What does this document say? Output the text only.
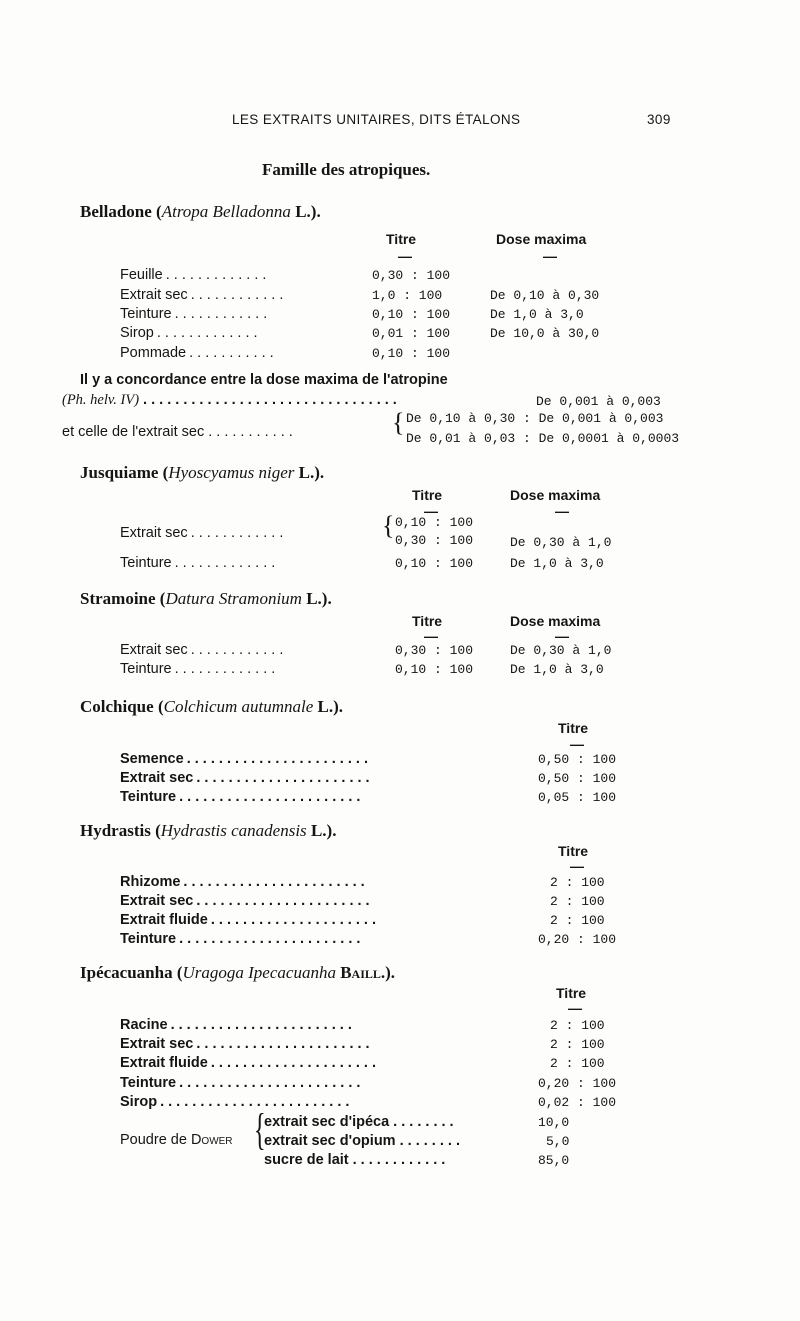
LES EXTRAITS UNITAIRES, DITS ÉTALONS	309
Famille des atropiques.
Belladone (Atropa Belladonna L.).
Titre	Dose maxima
—	—
Feuille . . . . . . . . . . . . .	0,30 : 100
Extrait sec . . . . . . . . . . . .	1,0 : 100	De 0,10 à 0,30
Teinture . . . . . . . . . . . .	0,10 : 100	De 1,0 à 3,0
Sirop . . . . . . . . . . . . .	0,01 : 100	De 10,0 à 30,0
Pommade . . . . . . . . . . .	0,10 : 100
Il y a concordance entre la dose maxima de l'atropine
(Ph. helv. IV) . . . . . . . . . . . . . . . . . . . . . . . . . . . . . . . .	De 0,001 à 0,003
et celle de l'extrait sec . . . . . . . . . . .	{ De 0,10 à 0,30 : De 0,001 à 0,003
De 0,01 à 0,03 : De 0,0001 à 0,0003
Jusquiame (Hyoscyamus niger L.).
Titre	Dose maxima
—	—
Extrait sec . . . . . . . . . . . .	{ 0,10 : 100
0,30 : 100	De 0,30 à 1,0
Teinture . . . . . . . . . . . . .	0,10 : 100	De 1,0 à 3,0
Stramoine (Datura Stramonium L.).
Titre	Dose maxima
—	—
Extrait sec . . . . . . . . . . . .	0,30 : 100	De 0,30 à 1,0
Teinture . . . . . . . . . . . . .	0,10 : 100	De 1,0 à 3,0
Colchique (Colchicum autumnale L.).
Titre
—
Semence . . . . . . . . . . . . . . . . . . . . . . .	0,50 : 100
Extrait sec . . . . . . . . . . . . . . . . . . . . . .	0,50 : 100
Teinture . . . . . . . . . . . . . . . . . . . . . . .	0,05 : 100
Hydrastis (Hydrastis canadensis L.).
Titre
—
Rhizome . . . . . . . . . . . . . . . . . . . . . . .	2 : 100
Extrait sec . . . . . . . . . . . . . . . . . . . . . .	2 : 100
Extrait fluide . . . . . . . . . . . . . . . . . . . . .	2 : 100
Teinture . . . . . . . . . . . . . . . . . . . . . . .	0,20 : 100
Ipécacuanha (Uragoga Ipecacuanha Baill.).
Titre
—
Racine . . . . . . . . . . . . . . . . . . . . . . .	2 : 100
Extrait sec . . . . . . . . . . . . . . . . . . . . . .	2 : 100
Extrait fluide . . . . . . . . . . . . . . . . . . . . .	2 : 100
Teinture . . . . . . . . . . . . . . . . . . . . . . .	0,20 : 100
Sirop . . . . . . . . . . . . . . . . . . . . . . . .	0,02 : 100
Poudre de Dower {
extrait sec d'ipéca . . . . . . . .	10,0
extrait sec d'opium . . . . . . . .	5,0
sucre de lait . . . . . . . . . . . .	85,0
